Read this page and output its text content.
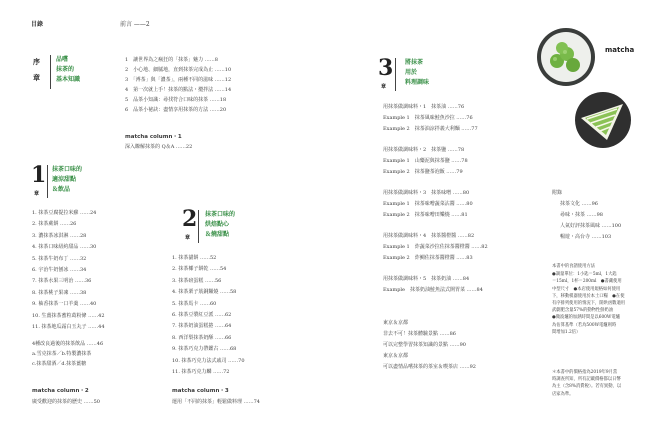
目錄	前言 ——2
序
章
品嚐
抹茶的
基本知識
1　讓世界為之瘋狂的「抹茶」魅力 ……8
2　小心地、細膩地，直到抹茶完成為止 ……10
3　「溥茶」與「濃茶」，兩種不同的滋味 ……12
4　第一次就上手！抹茶的點法・攪拌法 ……14
5　品茶小知識：尋找符合口味的抹茶 ……18
6　品茶小祕訣：盡情享用抹茶的方法 ……20
matcha column・1
深入瞭解抹茶的 Q＆A ……22
1
章
抹茶口味的
適涼甜點
＆飲品
1. 抹茶豆腐提拉米蘇 ……24
2. 抹茶蕨餅 ……26
3. 濃抹茶冰淇淋 ……28
4. 抹茶口味紐約甜品 ……30
5. 抹茶牛奶布丁 ……32
6. 宇治牛奶刨冰 ……34
7. 抹茶水果三明治 ……36
8. 抹茶桃子果凍 ……38
9. 柚香抹茶一口羊羹 ……40
10. 生薑抹茶蜜粒葛粉條 ……42
11. 抹茶地瓜霜白玉丸子 ……44
4種改良過後的抹茶飲品 ……46
a.雪克抹茶／b.特製濃抹茶
c.抹茶甜酒／d.抹茶薑糖
matcha column・2
廣受歡迎的抹茶的歷史 ……50
2
章
抹茶口味的
烘焙點心
＆燒甜點
1. 抹茶貓餅 ……52
2. 抹茶椰子餅乾 ……54
3. 抹茶磅蛋糕 ……56
4. 抹茶栗子筋銅鑼燒 ……58
5. 抹茶馬卡 ……60
6. 抹茶豆漿紅豆派 ……62
7. 抹茶奶油蛋糕捲 ……64
8. 西洋梨抹茶奶酥 ……66
9. 抹茶巧克力帶鑑古 ……68
10. 抹茶巧克力法式戚司 ……70
11. 抹茶巧克力麟 ……72
matcha column・3
運用「不同的抹茶」輕鬆做料理 ……74
3
章
將抹茶
用於
料理調味
用抹茶做調味料・1　抹茶油 ……76
Example 1　抹茶風味鮭魚沙拉 ……76
Example 2　抹茶油涼拌義大利麵 ……77
用抹茶做調味料・2　抹茶鹽 ……78
Example 1　山藥泥與抹茶鹽 ……78
Example 2　抹茶鹽茶泡飯 ……79
用抹茶做調味料・3　抹茶味噌 ……80
Example 1　抹茶味噌蔬菜沾醬 ……80
Example 2　抹茶味噌田樂燒 ……81
用抹茶做調味料・4　抹茶醬橙醬 ……82
Example 1　炸蔬菜沙拉佐抹茶醬橙醬 ……82
Example 2　炸鯛佐抹茶醬橙醬 ……83
用抹茶做調味料・5　抹茶奶油 ……84
Example　抹茶奶油鮭魚法式開胃菜 ……84
東京＆京都
非去不可！抹茶體驗景點 ……86
可以完整學習抹茶知識的景點 ……90
東京＆京都
可以盡情品嚐抹茶的茶室＆喫茶店 ……92
附錄
抹茶文化 ……96
尋味・抹茶 ……98
人氣好評抹茶風味 ……100
暢遊・高台寺 ……103
本書中的食譜使用方法
●調量單位：1小匙＝5ml，1大匙
＝15ml，1杯＝200ml　●書藏使用
中型尺寸　●本店使用規格如何使用
下，移動模器使用於本土口糧　●在使
有序排列使用的情況下，開烘函數適用
武劇肥含量57%的動物性鮮奶油
●微波爐的加熱時間是以600W電爐
為估算基準（若為500W電爐則時
間增加1.2倍）
＊本書中的價格指為2019年9月當
時調查所知，所有記載價格都以日幣
為主（含8%消費稅）。若有異動，以
店家為準。
matcha
